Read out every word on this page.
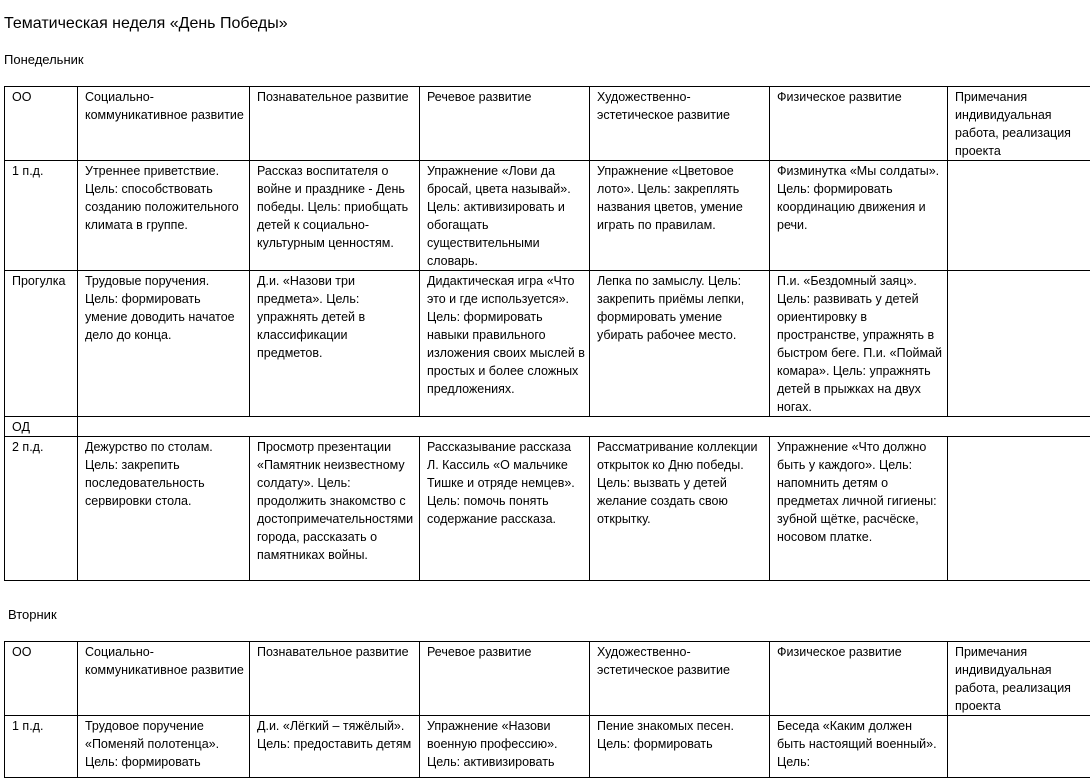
Тематическая неделя «День Победы»
Понедельник
ОО	Социально-коммуникативное развитие	Познавательное развитие	Речевое развитие	Художественно-эстетическое развитие	Физическое развитие	Примечания индивидуальная работа, реализация проекта
1 п.д.	Утреннее приветствие. Цель: способствовать созданию положительного климата в группе.	Рассказ воспитателя о войне и празднике - День победы. Цель: приобщать детей к социально-культурным ценностям.	Упражнение «Лови да бросай, цвета называй». Цель: активизировать и обогащать существительными словарь.	Упражнение «Цветовое лото». Цель: закреплять названия цветов, умение играть по правилам.	Физминутка «Мы солдаты». Цель: формировать координацию движения и речи.	
Прогулка	Трудовые поручения. Цель: формировать умение доводить начатое дело до конца.	Д.и. «Назови три предмета». Цель: упражнять детей в классификации предметов.	Дидактическая игра «Что это и где используется». Цель: формировать навыки правильного изложения своих мыслей в простых и более сложных предложениях.	Лепка по замыслу. Цель: закрепить приёмы лепки, формировать умение убирать рабочее место.	П.и. «Бездомный заяц». Цель: развивать у детей ориентировку в пространстве, упражнять в быстром беге. П.и. «Поймай комара». Цель: упражнять детей в прыжках на двух ногах.	
ОД						
2 п.д.	Дежурство по столам. Цель: закрепить последовательность сервировки стола.	Просмотр презентации «Памятник неизвестному солдату». Цель: продолжить знакомство с достопримечательностями города, рассказать о памятниках войны.	Рассказывание рассказа Л. Кассиль «О мальчике Тишке и отряде немцев». Цель: помочь понять содержание рассказа.	Рассматривание коллекции открыток ко Дню победы. Цель: вызвать у детей желание создать свою открытку.	Упражнение «Что должно быть у каждого». Цель: напомнить детям о предметах личной гигиены: зубной щётке, расчёске, носовом платке.	
Вторник
ОО	Социально-коммуникативное развитие	Познавательное развитие	Речевое развитие	Художественно-эстетическое развитие	Физическое развитие	Примечания индивидуальная работа, реализация проекта
1 п.д.	Трудовое поручение «Поменяй полотенца». Цель: формировать	Д.и. «Лёгкий – тяжёлый». Цель: предоставить детям	Упражнение «Назови военную профессию». Цель: активизировать	Пение знакомых песен. Цель: формировать	Беседа «Каким должен быть настоящий военный». Цель:	
